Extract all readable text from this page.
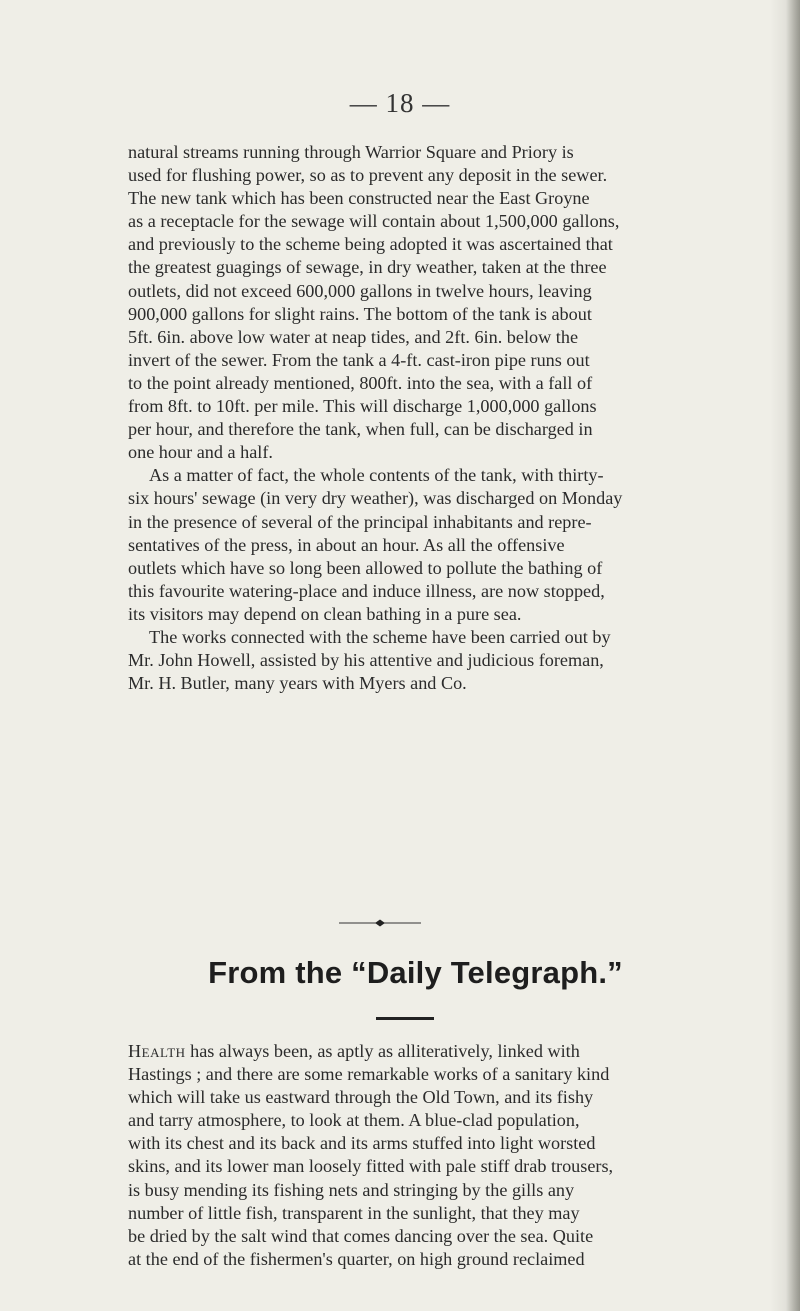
— 18 —
natural streams running through Warrior Square and Priory is
used for flushing power, so as to prevent any deposit in the sewer.
The new tank which has been constructed near the East Groyne
as a receptacle for the sewage will contain about 1,500,000 gallons,
and previously to the scheme being adopted it was ascertained that
the greatest guagings of sewage, in dry weather, taken at the three
outlets, did not exceed 600,000 gallons in twelve hours, leaving
900,000 gallons for slight rains. The bottom of the tank is about
5ft. 6in. above low water at neap tides, and 2ft. 6in. below the
invert of the sewer. From the tank a 4-ft. cast-iron pipe runs out
to the point already mentioned, 800ft. into the sea, with a fall of
from 8ft. to 10ft. per mile. This will discharge 1,000,000 gallons
per hour, and therefore the tank, when full, can be discharged in
one hour and a half.
As a matter of fact, the whole contents of the tank, with thirty-
six hours' sewage (in very dry weather), was discharged on Monday
in the presence of several of the principal inhabitants and repre-
sentatives of the press, in about an hour. As all the offensive
outlets which have so long been allowed to pollute the bathing of
this favourite watering-place and induce illness, are now stopped,
its visitors may depend on clean bathing in a pure sea.
The works connected with the scheme have been carried out by
Mr. John Howell, assisted by his attentive and judicious foreman,
Mr. H. Butler, many years with Myers and Co.
From the “Daily Telegraph.”
Health has always been, as aptly as alliteratively, linked with
Hastings ; and there are some remarkable works of a sanitary kind
which will take us eastward through the Old Town, and its fishy
and tarry atmosphere, to look at them. A blue-clad population,
with its chest and its back and its arms stuffed into light worsted
skins, and its lower man loosely fitted with pale stiff drab trousers,
is busy mending its fishing nets and stringing by the gills any
number of little fish, transparent in the sunlight, that they may
be dried by the salt wind that comes dancing over the sea. Quite
at the end of the fishermen's quarter, on high ground reclaimed
